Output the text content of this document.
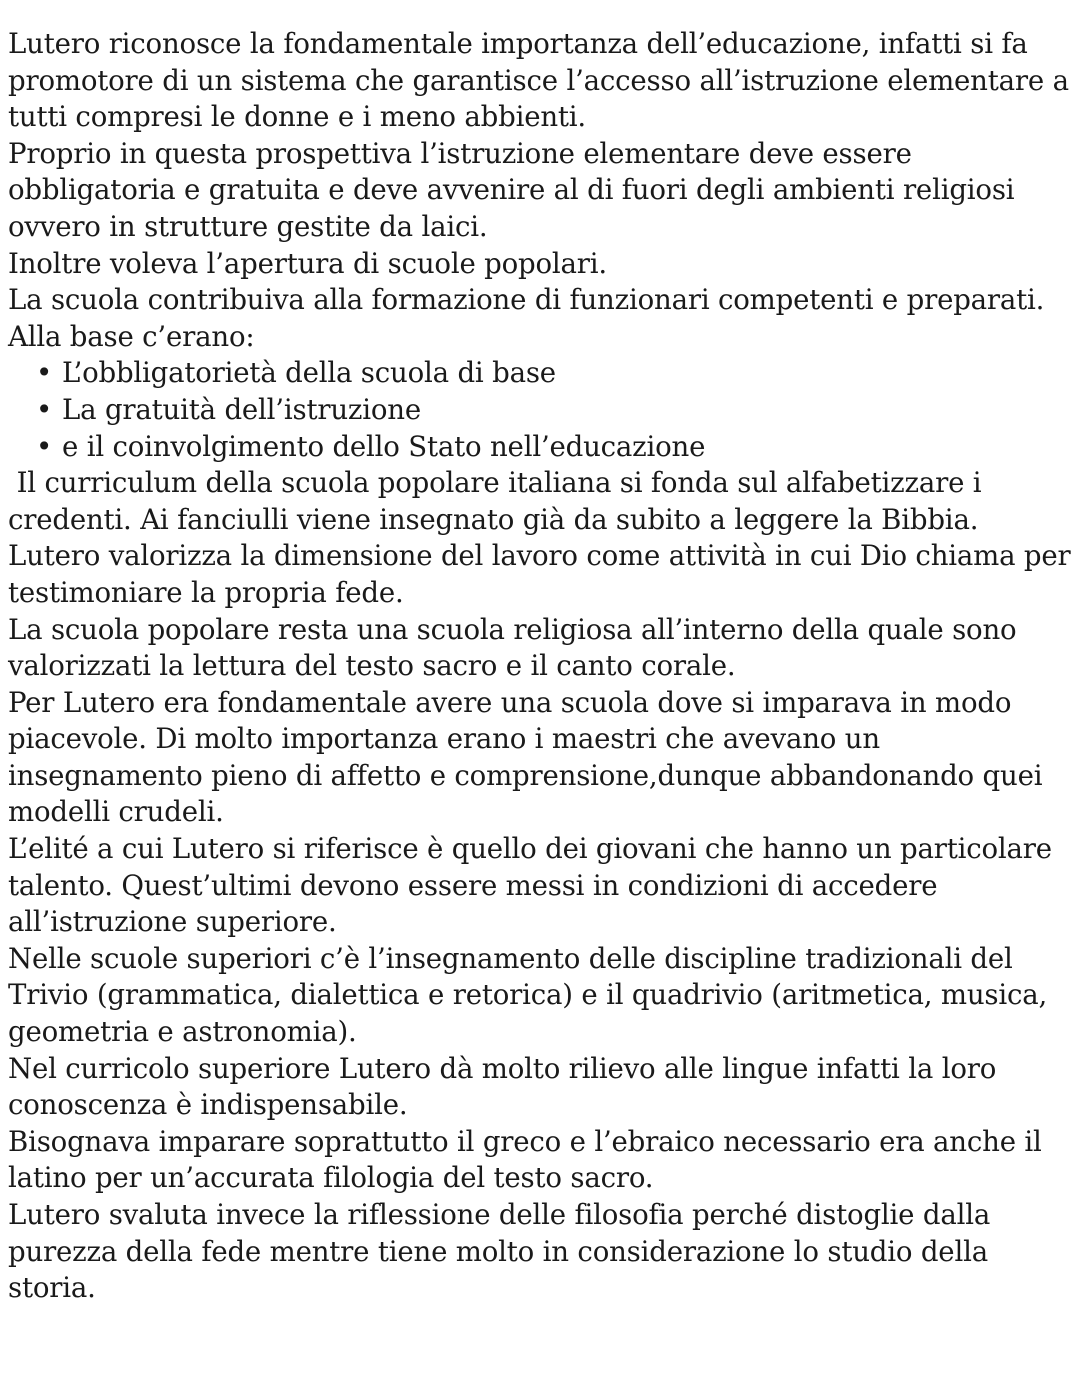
Lutero riconosce la fondamentale importanza dell’educazione, infatti si fa promotore di un sistema che garantisce l’accesso all’istruzione elementare a tutti compresi le donne e i meno abbienti.

Proprio in questa prospettiva l’istruzione elementare deve essere obbligatoria e gratuita e deve avvenire al di fuori degli ambienti religiosi ovvero in strutture gestite da laici.

Inoltre voleva l’apertura di scuole popolari.

La scuola contribuiva alla formazione di funzionari competenti e preparati.

Alla base c’erano:

• L’obbligatorietà della scuola di base
• La gratuità dell’istruzione
• e il coinvolgimento dello Stato nell’educazione

Il curriculum della scuola popolare italiana si fonda sul alfabetizzare i credenti. Ai fanciulli viene insegnato già da subito a leggere la Bibbia.

Lutero valorizza la dimensione del lavoro come attività in cui Dio chiama per testimoniare la propria fede.

La scuola popolare resta una scuola religiosa all’interno della quale sono valorizzati la lettura del testo sacro e il canto corale.

Per Lutero era fondamentale avere una scuola dove si imparava in modo piacevole. Di molto importanza erano i maestri che avevano un insegnamento pieno di affetto e comprensione,dunque abbandonando quei modelli crudeli.

L’elité a cui Lutero si riferisce è quello dei giovani che hanno un particolare talento. Quest’ultimi devono essere messi in condizioni di accedere all’istruzione superiore.

Nelle scuole superiori c’è l’insegnamento delle discipline tradizionali del Trivio (grammatica, dialettica e retorica) e il quadrivio (aritmetica, musica, geometria e astronomia).

Nel curricolo superiore Lutero dà molto rilievo alle lingue infatti la loro conoscenza è indispensabile.

Bisognava imparare soprattutto il greco e l’ebraico necessario era anche il  latino per un’accurata filologia del testo sacro.

Lutero svaluta invece la riflessione delle filosofia perché distoglie dalla purezza della fede mentre tiene molto in considerazione lo studio della storia.
